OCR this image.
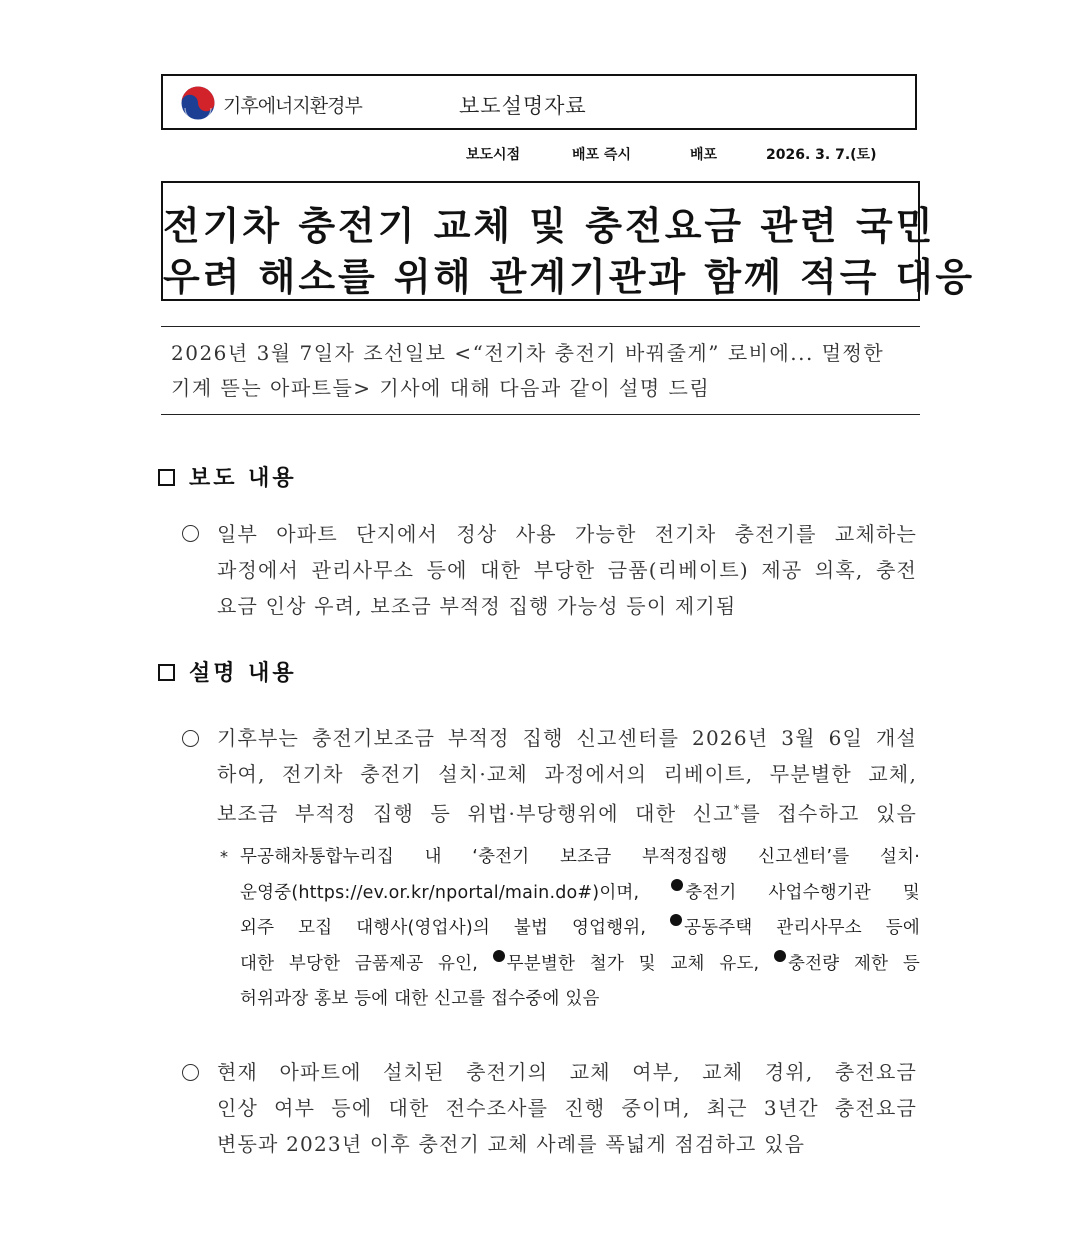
기후에너지환경부	보도설명자료
보도시점	배포 즉시	배포	2026. 3. 7.(토)
전기차 충전기 교체 및 충전요금 관련 국민
우려 해소를 위해 관계기관과 함께 적극 대응
2026년 3월 7일자 조선일보 <“전기차 충전기 바꿔줄게” 로비에... 멀쩡한
기계 뜯는 아파트들> 기사에 대해 다음과 같이 설명 드림
보도 내용
일부 아파트 단지에서 정상 사용 가능한 전기차 충전기를 교체하는
과정에서 관리사무소 등에 대한 부당한 금품(리베이트) 제공 의혹, 충전
요금 인상 우려, 보조금 부적정 집행 가능성 등이 제기됨
설명 내용
기후부는 충전기보조금 부적정 집행 신고센터를 2026년 3월 6일 개설
하여, 전기차 충전기 설치·교체 과정에서의 리베이트, 무분별한 교체,
보조금 부적정 집행 등 위법·부당행위에 대한 신고*를 접수하고 있음
* 무공해차통합누리집 내 ‘충전기 보조금 부적정집행 신고센터’를 설치·
운영중(https://ev.or.kr/nportal/main.do#)이며,	충전기 사업수행기관 및
외주 모집 대행사(영업사)의 불법 영업행위, 공동주택 관리사무소 등에
대한 부당한 금품제공 유인, 무분별한 철가 및 교체 유도, 충전량 제한 등
허위과장 홍보 등에 대한 신고를 접수중에 있음
현재 아파트에 설치된 충전기의 교체 여부, 교체 경위, 충전요금
인상 여부 등에 대한 전수조사를 진행 중이며, 최근 3년간 충전요금
변동과 2023년 이후 충전기 교체 사례를 폭넓게 점검하고 있음
